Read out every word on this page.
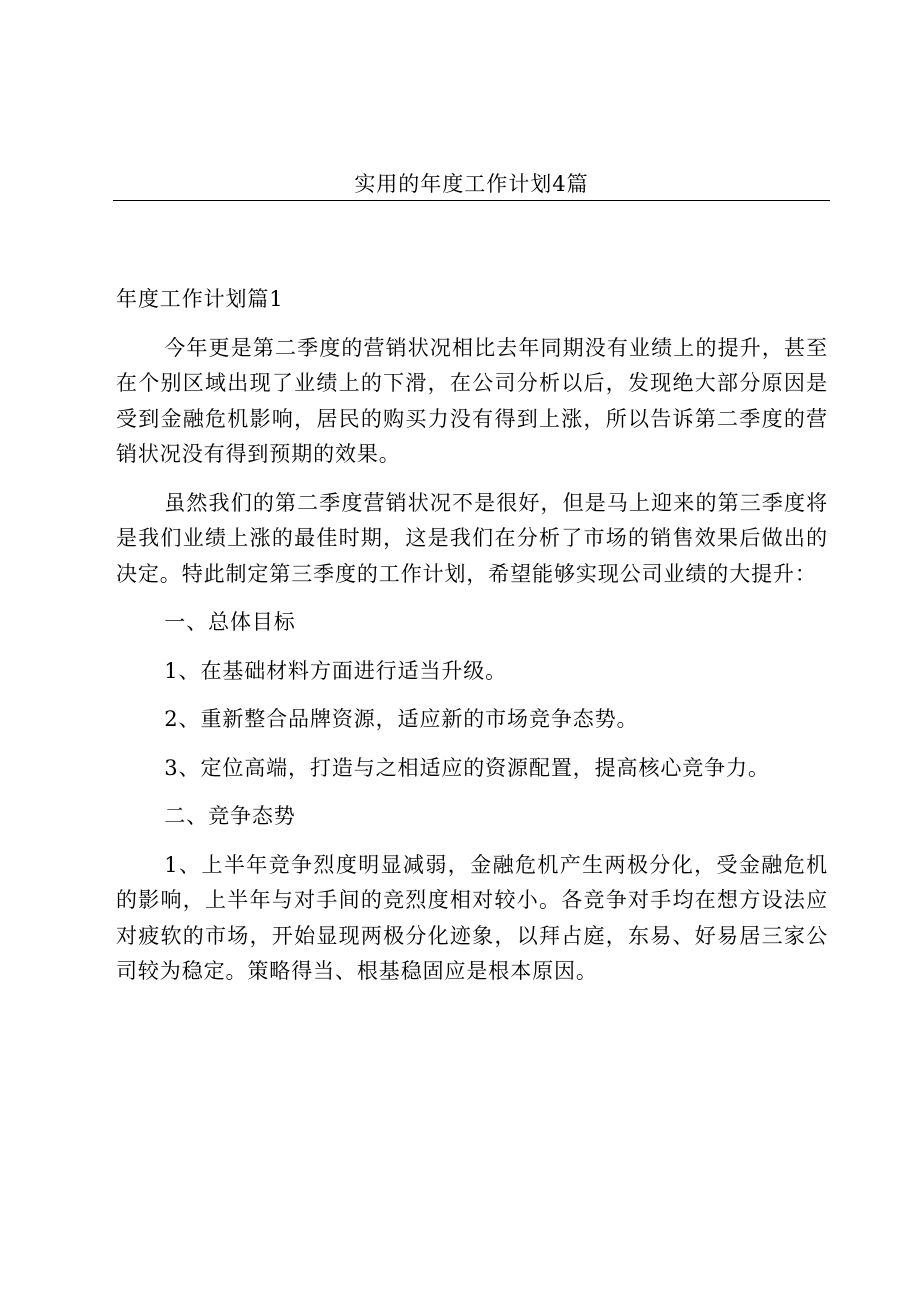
实用的年度工作计划4篇

年度工作计划篇1

今年更是第二季度的营销状况相比去年同期没有业绩上的提升，甚至在个别区域出现了业绩上的下滑，在公司分析以后，发现绝大部分原因是受到金融危机影响，居民的购买力没有得到上涨，所以告诉第二季度的营销状况没有得到预期的效果。

虽然我们的第二季度营销状况不是很好，但是马上迎来的第三季度将是我们业绩上涨的最佳时期，这是我们在分析了市场的销售效果后做出的决定。特此制定第三季度的工作计划，希望能够实现公司业绩的大提升：

一、总体目标

1、在基础材料方面进行适当升级。

2、重新整合品牌资源，适应新的市场竞争态势。

3、定位高端，打造与之相适应的资源配置，提高核心竞争力。

二、竞争态势

1、上半年竞争烈度明显减弱，金融危机产生两极分化，受金融危机的影响，上半年与对手间的竞烈度相对较小。各竞争对手均在想方设法应对疲软的市场，开始显现两极分化迹象，以拜占庭，东易、好易居三家公司较为稳定。策略得当、根基稳固应是根本原因。
